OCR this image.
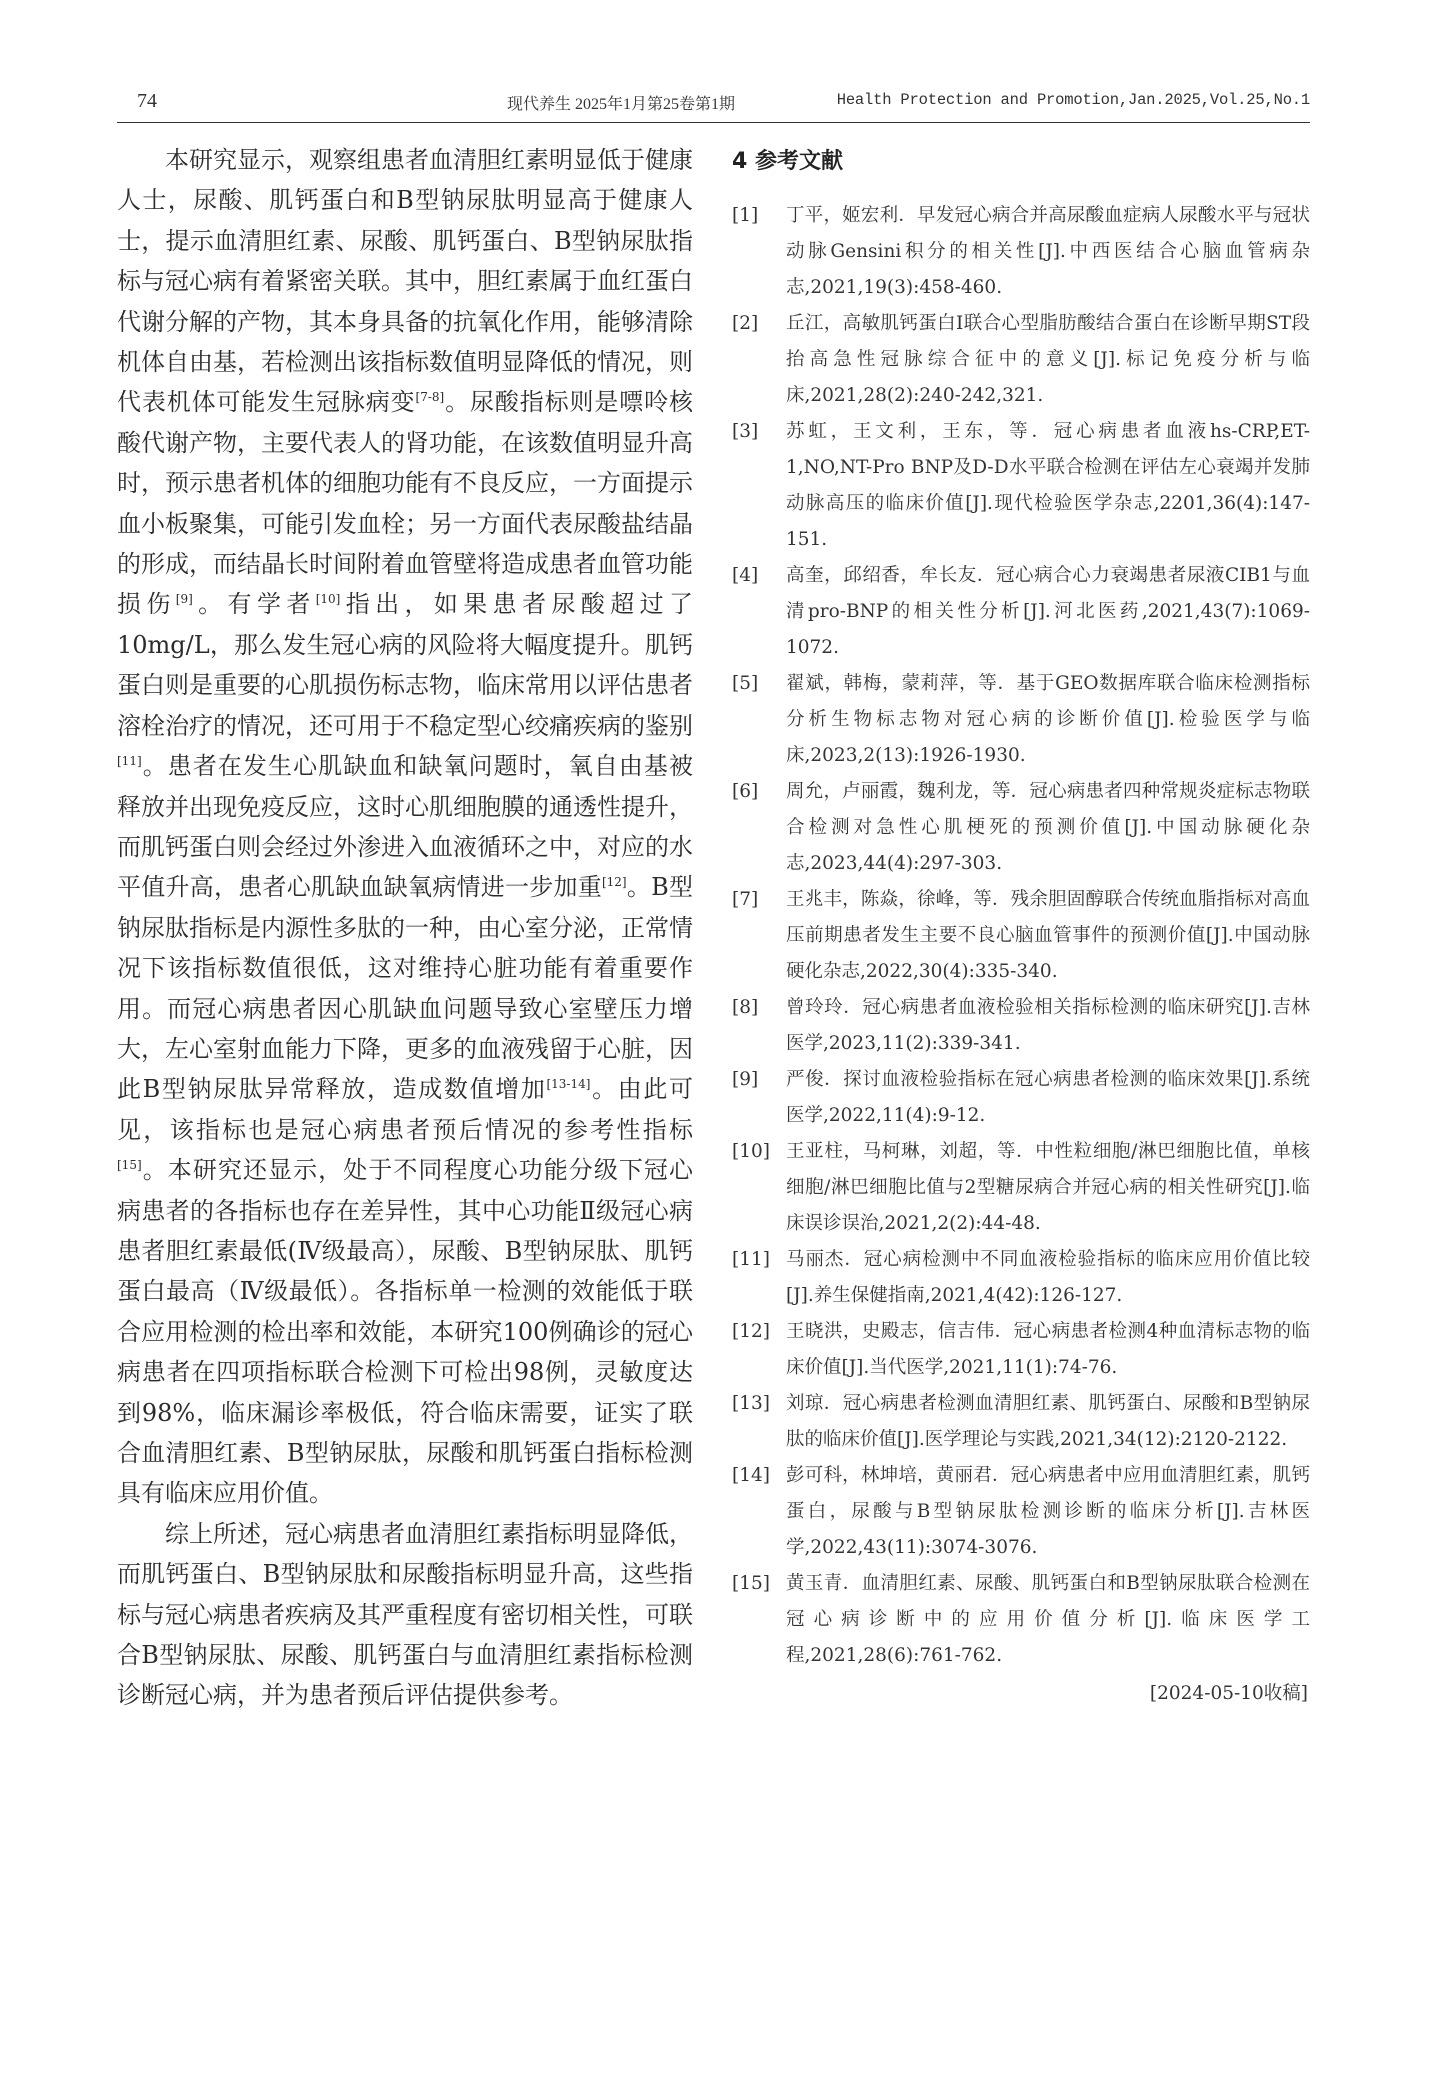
74	现代养生 2025年1月第25卷第1期	Health Protection and Promotion,Jan.2025,Vol.25,No.1

本研究显示，观察组患者血清胆红素明显低于健康人士，尿酸、肌钙蛋白和B型钠尿肽明显高于健康人士，提示血清胆红素、尿酸、肌钙蛋白、B型钠尿肽指标与冠心病有着紧密关联。其中，胆红素属于血红蛋白代谢分解的产物，其本身具备的抗氧化作用，能够清除机体自由基，若检测出该指标数值明显降低的情况，则代表机体可能发生冠脉病变[7-8]。尿酸指标则是嘌呤核酸代谢产物，主要代表人的肾功能，在该数值明显升高时，预示患者机体的细胞功能有不良反应，一方面提示血小板聚集，可能引发血栓；另一方面代表尿酸盐结晶的形成，而结晶长时间附着血管壁将造成患者血管功能损伤[9]。有学者[10]指出，如果患者尿酸超过了10mg/L，那么发生冠心病的风险将大幅度提升。肌钙蛋白则是重要的心肌损伤标志物，临床常用以评估患者溶栓治疗的情况，还可用于不稳定型心绞痛疾病的鉴别[11]。患者在发生心肌缺血和缺氧问题时，氧自由基被释放并出现免疫反应，这时心肌细胞膜的通透性提升，而肌钙蛋白则会经过外渗进入血液循环之中，对应的水平值升高，患者心肌缺血缺氧病情进一步加重[12]。B型钠尿肽指标是内源性多肽的一种，由心室分泌，正常情况下该指标数值很低，这对维持心脏功能有着重要作用。而冠心病患者因心肌缺血问题导致心室壁压力增大，左心室射血能力下降，更多的血液残留于心脏，因此B型钠尿肽异常释放，造成数值增加[13-14]。由此可见，该指标也是冠心病患者预后情况的参考性指标[15]。本研究还显示，处于不同程度心功能分级下冠心病患者的各指标也存在差异性，其中心功能Ⅱ级冠心病患者胆红素最低(Ⅳ级最高），尿酸、B型钠尿肽、肌钙蛋白最高（Ⅳ级最低）。各指标单一检测的效能低于联合应用检测的检出率和效能，本研究100例确诊的冠心病患者在四项指标联合检测下可检出98例，灵敏度达到98%，临床漏诊率极低，符合临床需要，证实了联合血清胆红素、B型钠尿肽，尿酸和肌钙蛋白指标检测具有临床应用价值。

综上所述，冠心病患者血清胆红素指标明显降低，而肌钙蛋白、B型钠尿肽和尿酸指标明显升高，这些指标与冠心病患者疾病及其严重程度有密切相关性，可联合B型钠尿肽、尿酸、肌钙蛋白与血清胆红素指标检测诊断冠心病，并为患者预后评估提供参考。

4 参考文献
[1] 丁平，姬宏利．早发冠心病合并高尿酸血症病人尿酸水平与冠状动脉Gensini积分的相关性[J].中西医结合心脑血管病杂志,2021,19(3):458-460.
[2] 丘江，高敏肌钙蛋白I联合心型脂肪酸结合蛋白在诊断早期ST段抬高急性冠脉综合征中的意义[J].标记免疫分析与临床,2021,28(2):240-242,321.
[3] 苏虹，王文利，王东，等．冠心病患者血液hs-CRP,ET-1,NO,NT-Pro BNP及D-D水平联合检测在评估左心衰竭并发肺动脉高压的临床价值[J].现代检验医学杂志,2201,36(4):147-151.
[4] 高奎，邱绍香，牟长友．冠心病合心力衰竭患者尿液CIB1与血清pro-BNP的相关性分析[J].河北医药,2021,43(7):1069-1072.
[5] 翟斌，韩梅，蒙莉萍，等．基于GEO数据库联合临床检测指标分析生物标志物对冠心病的诊断价值[J].检验医学与临床,2023,2(13):1926-1930.
[6] 周允，卢丽霞，魏利龙，等．冠心病患者四种常规炎症标志物联合检测对急性心肌梗死的预测价值[J].中国动脉硬化杂志,2023,44(4):297-303.
[7] 王兆丰，陈焱，徐峰，等．残余胆固醇联合传统血脂指标对高血压前期患者发生主要不良心脑血管事件的预测价值[J].中国动脉硬化杂志,2022,30(4):335-340.
[8] 曾玲玲．冠心病患者血液检验相关指标检测的临床研究[J].吉林医学,2023,11(2):339-341.
[9] 严俊．探讨血液检验指标在冠心病患者检测的临床效果[J].系统医学,2022,11(4):9-12.
[10] 王亚柱，马柯琳，刘超，等．中性粒细胞/淋巴细胞比值，单核细胞/淋巴细胞比值与2型糖尿病合并冠心病的相关性研究[J].临床误诊误治,2021,2(2):44-48.
[11] 马丽杰．冠心病检测中不同血液检验指标的临床应用价值比较[J].养生保健指南,2021,4(42):126-127.
[12] 王晓洪，史殿志，信吉伟．冠心病患者检测4种血清标志物的临床价值[J].当代医学,2021,11(1):74-76.
[13] 刘琼．冠心病患者检测血清胆红素、肌钙蛋白、尿酸和B型钠尿肽的临床价值[J].医学理论与实践,2021,34(12):2120-2122.
[14] 彭可科，林坤培，黄丽君．冠心病患者中应用血清胆红素，肌钙蛋白，尿酸与B型钠尿肽检测诊断的临床分析[J].吉林医学,2022,43(11):3074-3076.
[15] 黄玉青．血清胆红素、尿酸、肌钙蛋白和B型钠尿肽联合检测在冠心病诊断中的应用价值分析[J].临床医学工程,2021,28(6):761-762.
[2024-05-10收稿]
